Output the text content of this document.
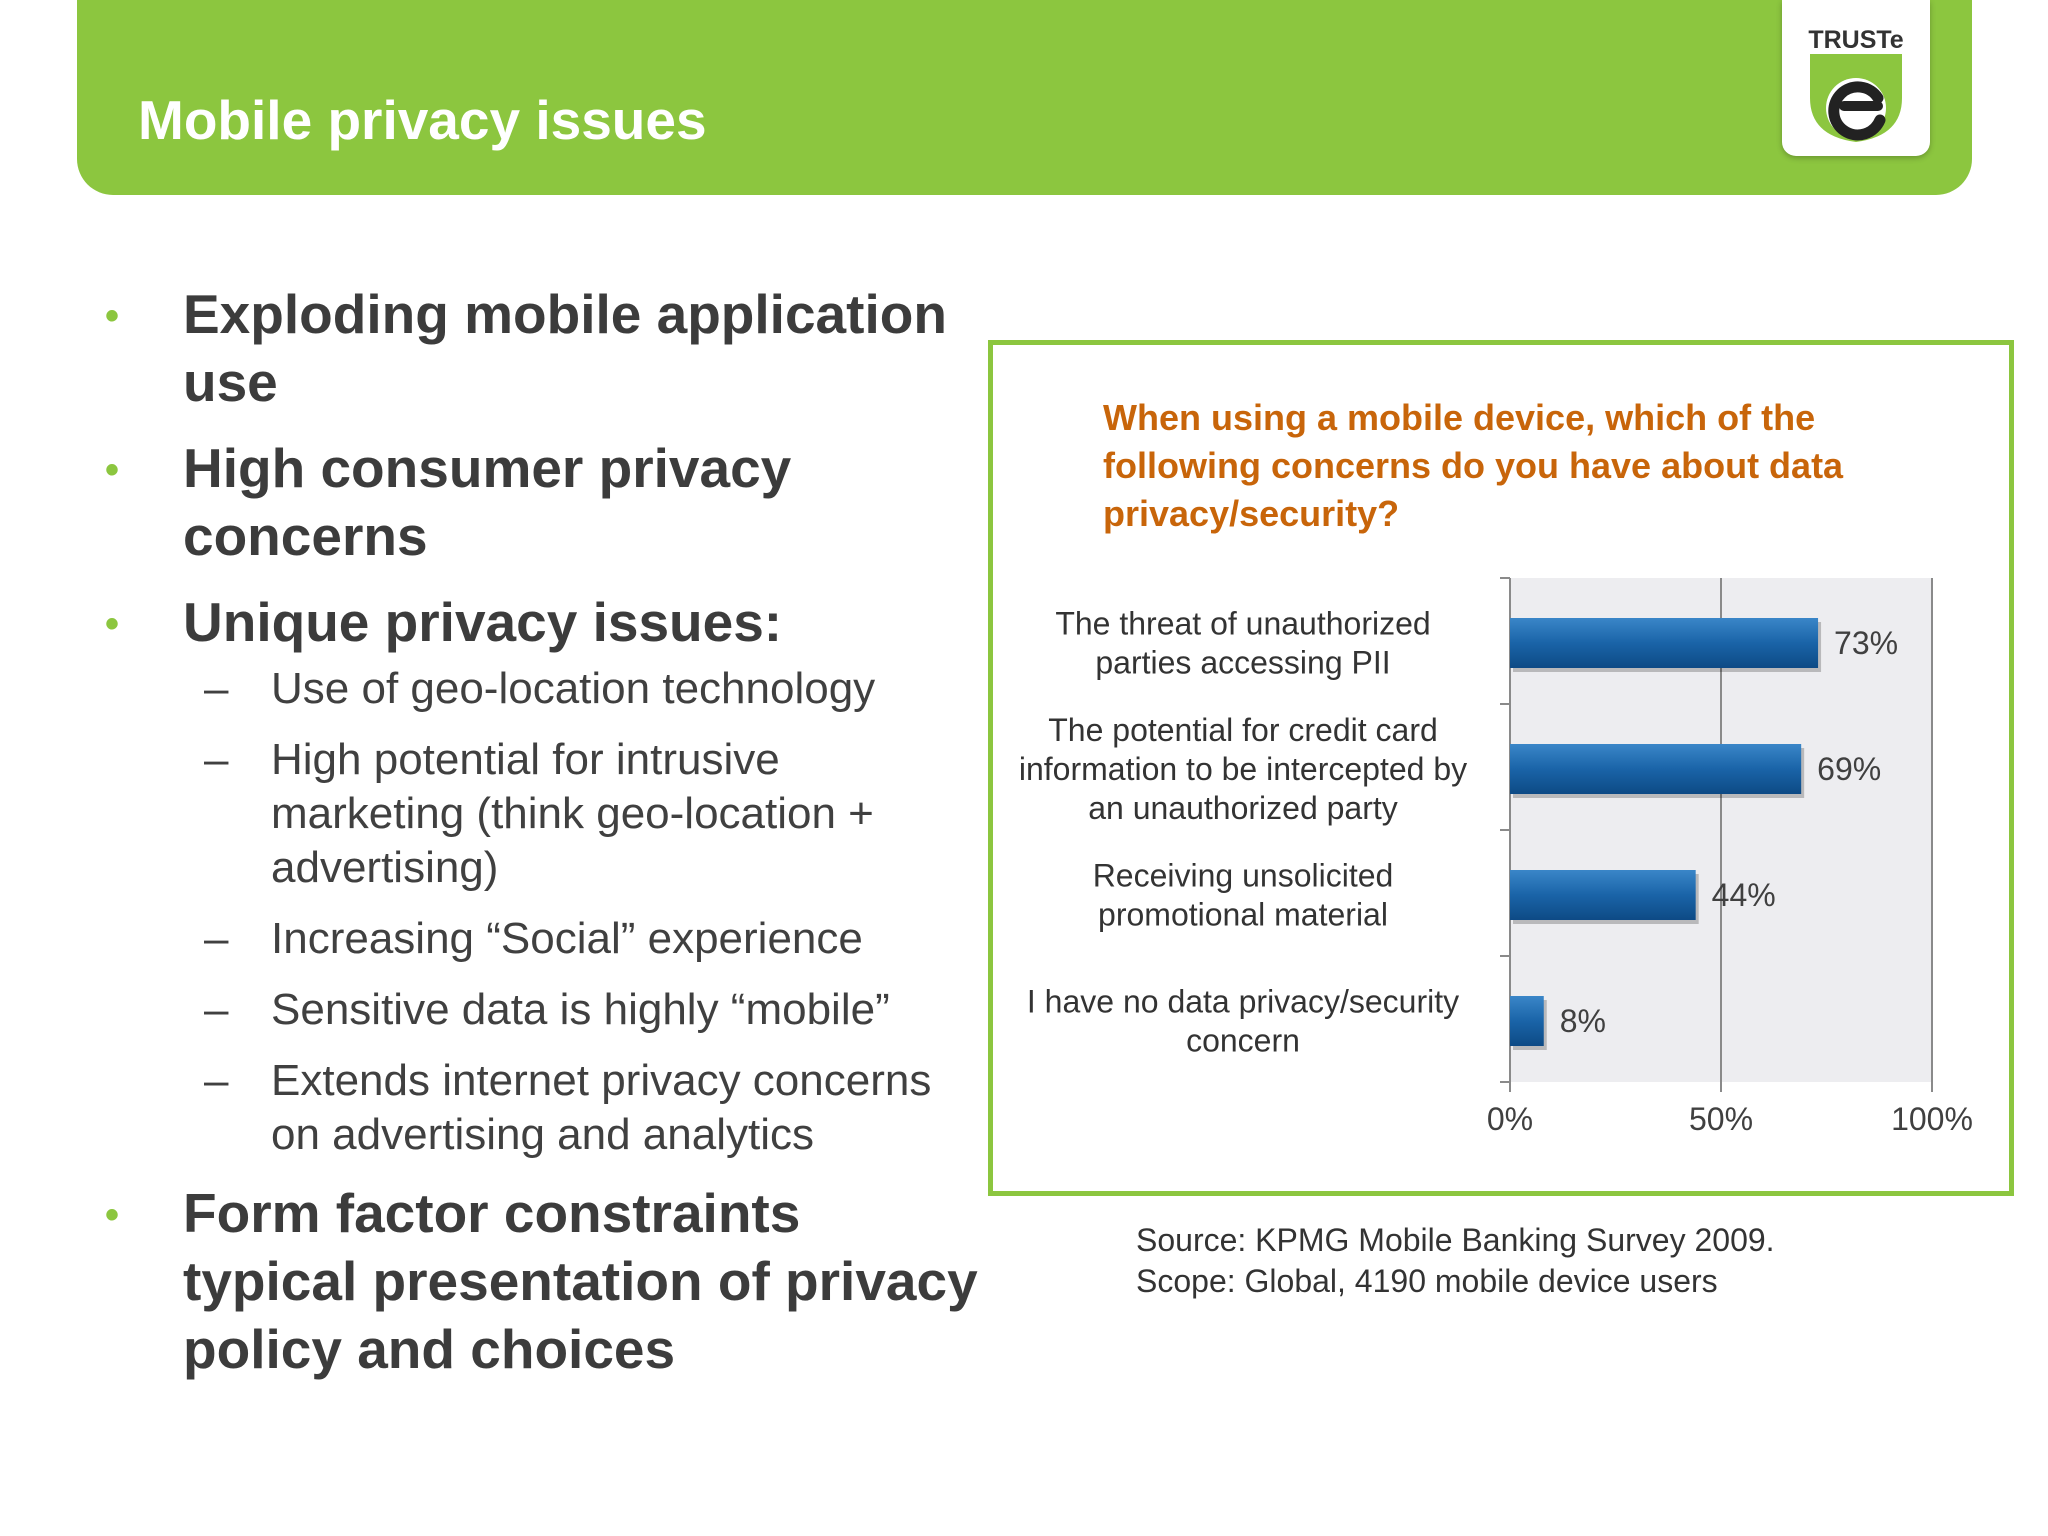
Mobile privacy issues
TRUSTe
• Exploding mobile application use
• High consumer privacy concerns
• Unique privacy issues:
– Use of geo-location technology
– High potential for intrusive marketing (think geo-location + advertising)
– Increasing “Social” experience
– Sensitive data is highly “mobile”
– Extends internet privacy concerns on advertising and analytics
• Form factor constraints typical presentation of privacy policy and choices

When using a mobile device, which of the following concerns do you have about data privacy/security?

0%	50%	100%
73%
The threat of unauthorized parties accessing PII
69%
The potential for credit card information to be intercepted by an unauthorized party
44%
Receiving unsolicited promotional material
8%
I have no data privacy/security concern
Source: KPMG Mobile Banking Survey 2009.
Scope: Global, 4190 mobile device users
